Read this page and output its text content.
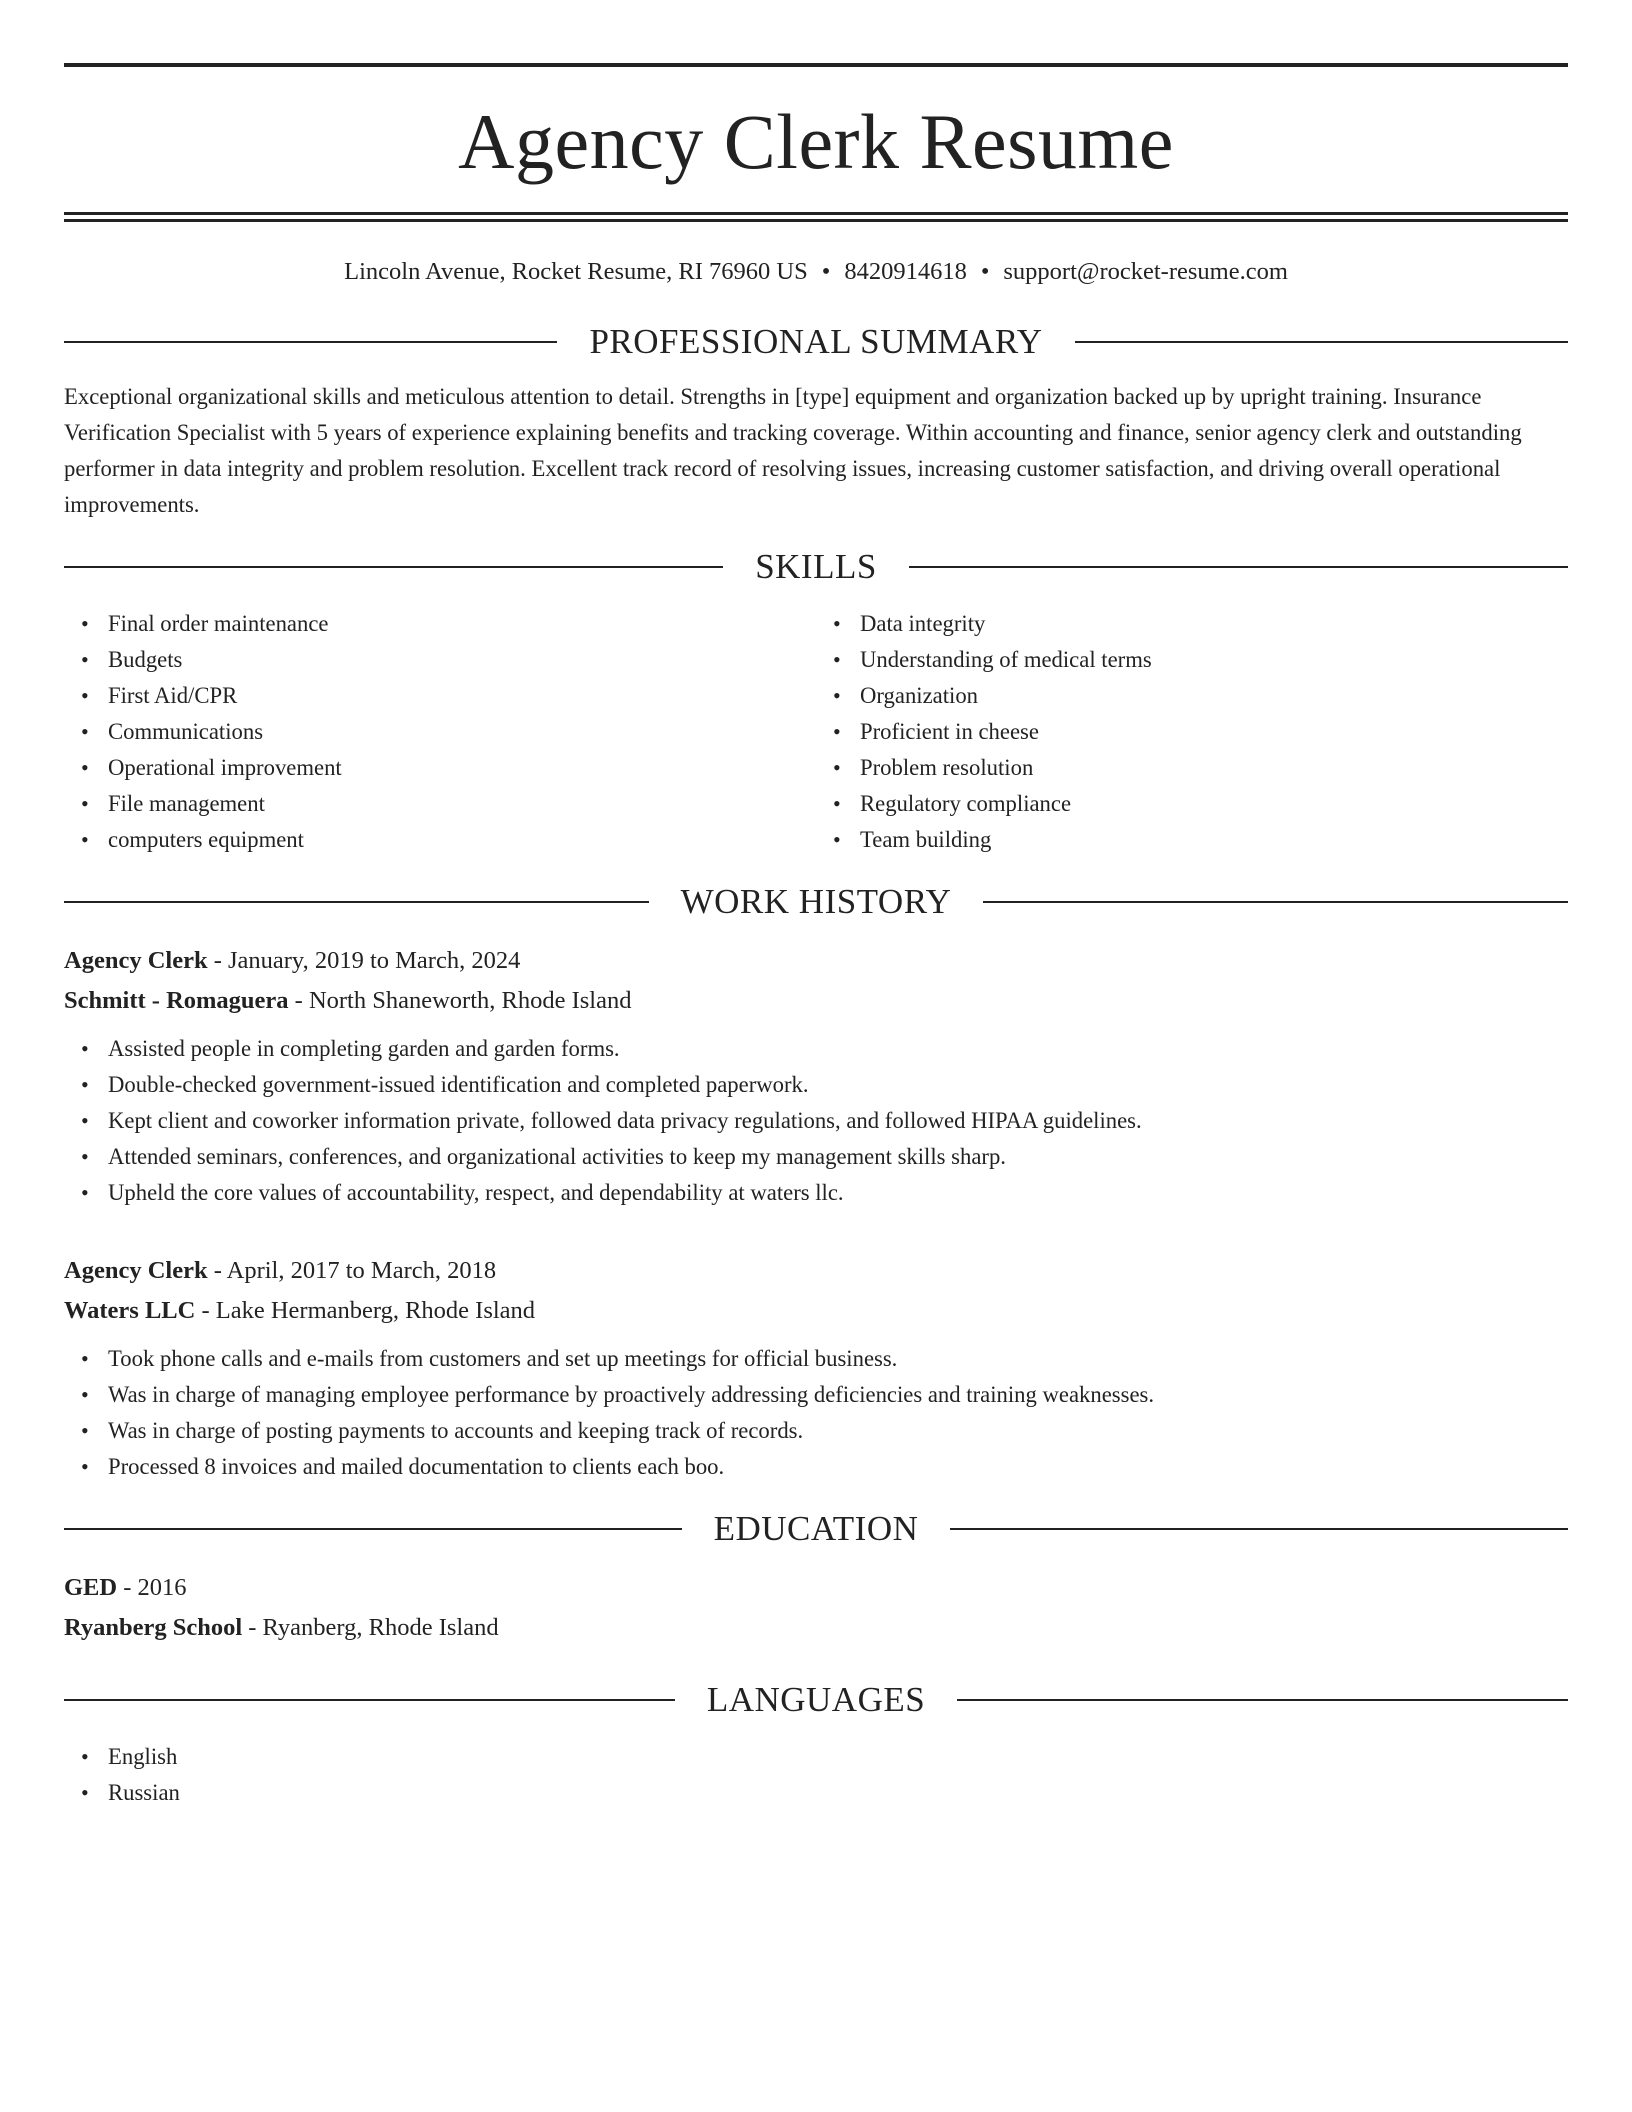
Agency Clerk Resume
Lincoln Avenue, Rocket Resume, RI 76960 US • 8420914618 • support@rocket-resume.com
PROFESSIONAL SUMMARY
Exceptional organizational skills and meticulous attention to detail. Strengths in [type] equipment and organization backed up by upright training. Insurance Verification Specialist with 5 years of experience explaining benefits and tracking coverage. Within accounting and finance, senior agency clerk and outstanding performer in data integrity and problem resolution. Excellent track record of resolving issues, increasing customer satisfaction, and driving overall operational improvements.
SKILLS
• Final order maintenance
• Budgets
• First Aid/CPR
• Communications
• Operational improvement
• File management
• computers equipment
• Data integrity
• Understanding of medical terms
• Organization
• Proficient in cheese
• Problem resolution
• Regulatory compliance
• Team building
WORK HISTORY
Agency Clerk - January, 2019 to March, 2024
Schmitt - Romaguera - North Shaneworth, Rhode Island
• Assisted people in completing garden and garden forms.
• Double-checked government-issued identification and completed paperwork.
• Kept client and coworker information private, followed data privacy regulations, and followed HIPAA guidelines.
• Attended seminars, conferences, and organizational activities to keep my management skills sharp.
• Upheld the core values of accountability, respect, and dependability at waters llc.
Agency Clerk - April, 2017 to March, 2018
Waters LLC - Lake Hermanberg, Rhode Island
• Took phone calls and e-mails from customers and set up meetings for official business.
• Was in charge of managing employee performance by proactively addressing deficiencies and training weaknesses.
• Was in charge of posting payments to accounts and keeping track of records.
• Processed 8 invoices and mailed documentation to clients each boo.
EDUCATION
GED - 2016
Ryanberg School - Ryanberg, Rhode Island
LANGUAGES
• English
• Russian
